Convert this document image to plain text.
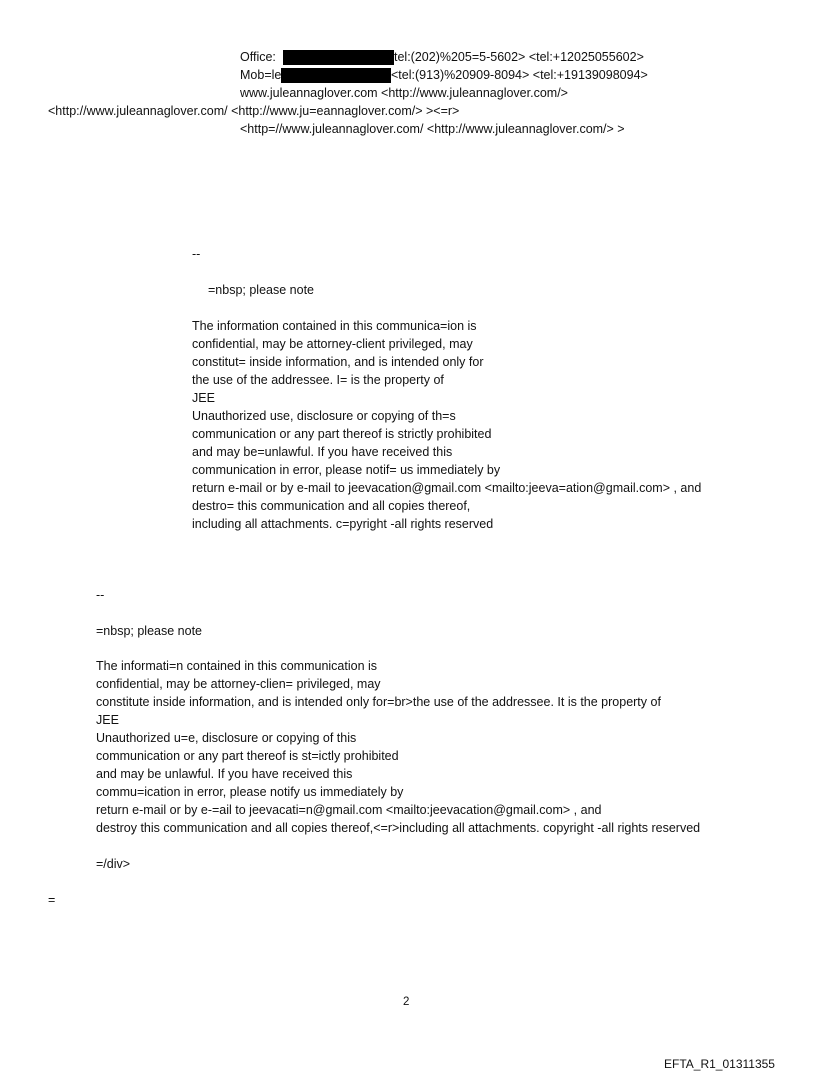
Office:	tel:(202)%205=5-5602> <tel:+12025055602>
Mob=le	<tel:(913)%20909-8094> <tel:+19139098094>
www.juleannaglover.com <http://www.juleannaglover.com/>
<http://www.juleannaglover.com/ <http://www.ju=eannaglover.com/> ><=r>
<http=//www.juleannaglover.com/ <http://www.juleannaglover.com/> >
--
=nbsp; please note
The information contained in this communica=ion is
confidential, may be attorney-client privileged, may
constitut= inside information, and is intended only for
the use of the addressee. I= is the property of
JEE
Unauthorized use, disclosure or copying of th=s
communication or any part thereof is strictly prohibited
and may be=unlawful. If you have received this
communication in error, please notif= us immediately by
return e-mail or by e-mail to jeevacation@gmail.com <mailto:jeeva=ation@gmail.com> , and
destro= this communication and all copies thereof,
including all attachments. c=pyright -all rights reserved
--
=nbsp; please note
The informati=n contained in this communication is
confidential, may be attorney-clien= privileged, may
constitute inside information, and is intended only for=br>the use of the addressee. It is the property of
JEE
Unauthorized u=e, disclosure or copying of this
communication or any part thereof is st=ictly prohibited
and may be unlawful. If you have received this
commu=ication in error, please notify us immediately by
return e-mail or by e-=ail to jeevacati=n@gmail.com <mailto:jeevacation@gmail.com> , and
destroy this communication and all copies thereof,<=r>including all attachments. copyright -all rights reserved
=/div>
=
2
EFTA_R1_01311355
